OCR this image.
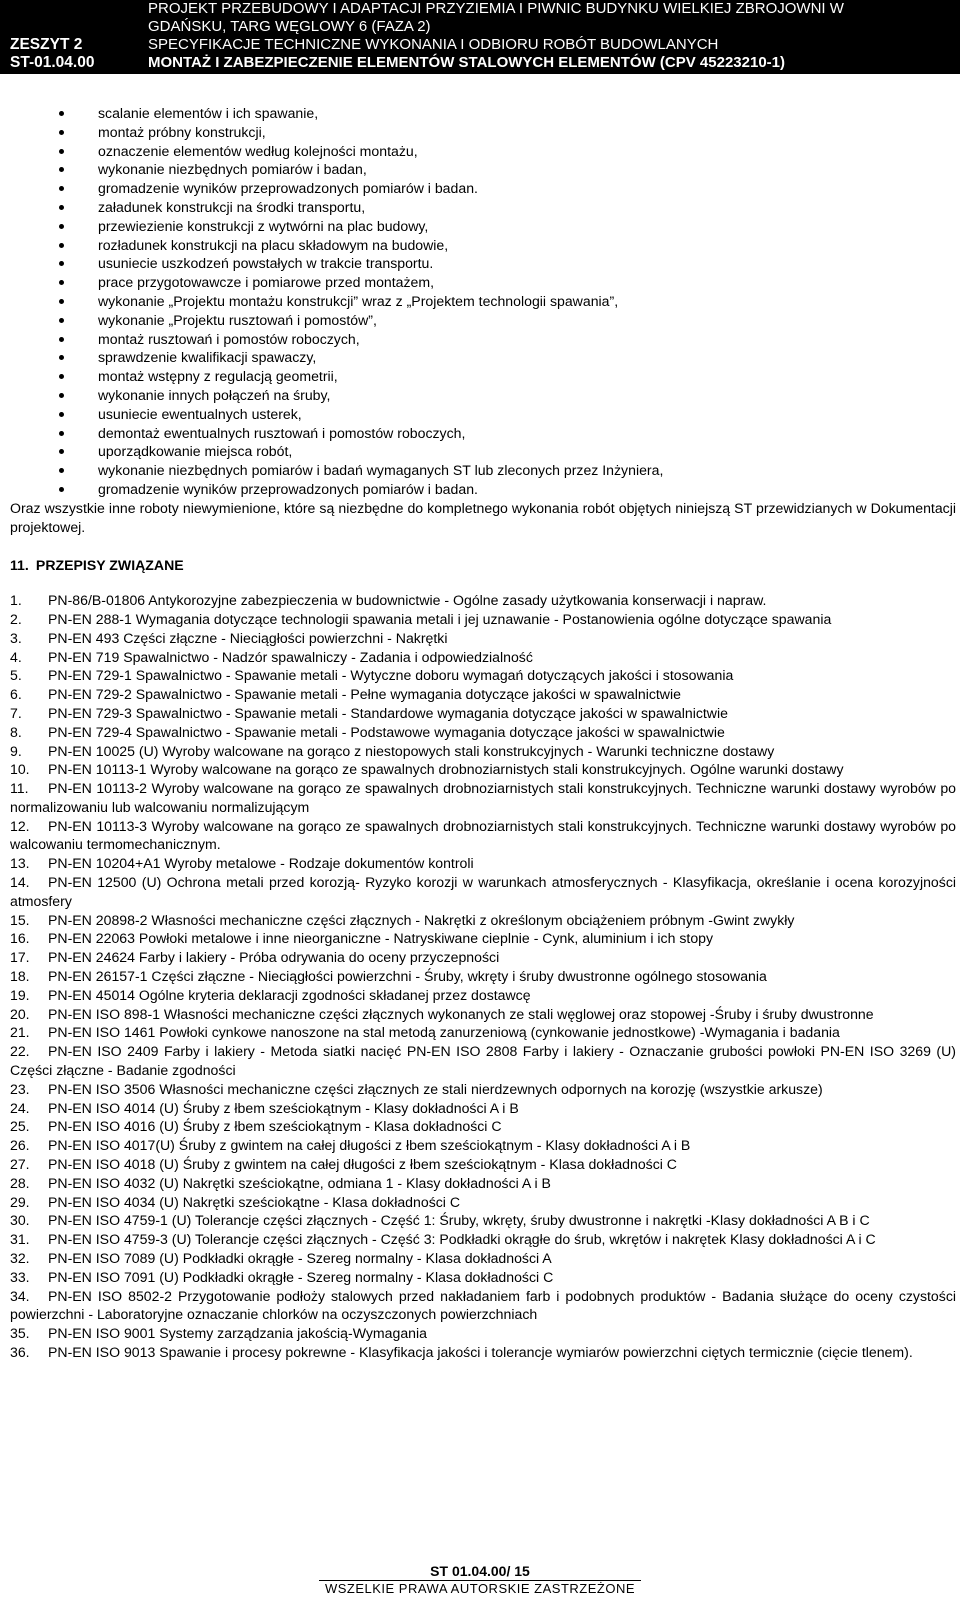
ZESZYT 2
ST-01.04.00
PROJEKT PRZEBUDOWY I ADAPTACJI PRZYZIEMIA I PIWNIC BUDYNKU WIELKIEJ ZBROJOWNI W
GDAŃSKU, TARG WĘGLOWY 6 (FAZA 2)
SPECYFIKACJE TECHNICZNE WYKONANIA I ODBIORU ROBÓT BUDOWLANYCH
MONTAŻ I ZABEZPIECZENIE ELEMENTÓW STALOWYCH ELEMENTÓW (CPV 45223210-1)
scalanie elementów i ich spawanie,
montaż próbny konstrukcji,
oznaczenie elementów według kolejności montażu,
wykonanie niezbędnych pomiarów i badan,
gromadzenie wyników przeprowadzonych pomiarów i badan.
załadunek konstrukcji na środki transportu,
przewiezienie konstrukcji z wytwórni na plac budowy,
rozładunek konstrukcji na placu składowym na budowie,
usuniecie uszkodzeń powstałych w trakcie transportu.
prace przygotowawcze i pomiarowe przed montażem,
wykonanie „Projektu montażu konstrukcji” wraz z „Projektem technologii spawania”,
wykonanie „Projektu rusztowań i pomostów”,
montaż rusztowań i pomostów roboczych,
sprawdzenie kwalifikacji spawaczy,
montaż wstępny z regulacją geometrii,
wykonanie innych połączeń na śruby,
usuniecie ewentualnych usterek,
demontaż ewentualnych rusztowań i pomostów roboczych,
uporządkowanie miejsca robót,
wykonanie niezbędnych pomiarów i badań wymaganych ST lub zleconych przez Inżyniera,
gromadzenie wyników przeprowadzonych pomiarów i badan.

Oraz wszystkie inne roboty niewymienione, które są niezbędne do kompletnego wykonania robót objętych niniejszą ST przewidzianych w Dokumentacji projektowej.

11. PRZEPISY ZWIĄZANE
1. PN-86/B-01806 Antykorozyjne zabezpieczenia w budownictwie - Ogólne zasady użytkowania konserwacji i napraw.
2. PN-EN 288-1 Wymagania dotyczące technologii spawania metali i jej uznawanie - Postanowienia ogólne dotyczące spawania
3. PN-EN 493 Części złączne - Nieciągłości powierzchni - Nakrętki
4. PN-EN 719 Spawalnictwo - Nadzór spawalniczy - Zadania i odpowiedzialność
5. PN-EN 729-1 Spawalnictwo - Spawanie metali - Wytyczne doboru wymagań dotyczących jakości i stosowania
6. PN-EN 729-2 Spawalnictwo - Spawanie metali - Pełne wymagania dotyczące jakości w spawalnictwie
7. PN-EN 729-3 Spawalnictwo - Spawanie metali - Standardowe wymagania dotyczące jakości w spawalnictwie
8. PN-EN 729-4 Spawalnictwo - Spawanie metali - Podstawowe wymagania dotyczące jakości w spawalnictwie
9. PN-EN 10025 (U) Wyroby walcowane na gorąco z niestopowych stali konstrukcyjnych - Warunki techniczne dostawy
10. PN-EN 10113-1 Wyroby walcowane na gorąco ze spawalnych drobnoziarnistych stali konstrukcyjnych. Ogólne warunki dostawy
11. PN-EN 10113-2 Wyroby walcowane na gorąco ze spawalnych drobnoziarnistych stali konstrukcyjnych. Techniczne warunki dostawy wyrobów po normalizowaniu lub walcowaniu normalizującym
12. PN-EN 10113-3 Wyroby walcowane na gorąco ze spawalnych drobnoziarnistych stali konstrukcyjnych. Techniczne warunki dostawy wyrobów po walcowaniu termomechanicznym.
13. PN-EN 10204+A1 Wyroby metalowe - Rodzaje dokumentów kontroli
14. PN-EN 12500 (U) Ochrona metali przed korozją- Ryzyko korozji w warunkach atmosferycznych - Klasyfikacja, określanie i ocena korozyjności atmosfery
15. PN-EN 20898-2 Własności mechaniczne części złącznych - Nakrętki z określonym obciążeniem próbnym -Gwint zwykły
16. PN-EN 22063 Powłoki metalowe i inne nieorganiczne - Natryskiwane cieplnie - Cynk, aluminium i ich stopy
17. PN-EN 24624 Farby i lakiery - Próba odrywania do oceny przyczepności
18. PN-EN 26157-1 Części złączne - Nieciągłości powierzchni - Śruby, wkręty i śruby dwustronne ogólnego stosowania
19. PN-EN 45014 Ogólne kryteria deklaracji zgodności składanej przez dostawcę
20. PN-EN ISO 898-1 Własności mechaniczne części złącznych wykonanych ze stali węglowej oraz stopowej -Śruby i śruby dwustronne
21. PN-EN ISO 1461 Powłoki cynkowe nanoszone na stal metodą zanurzeniową (cynkowanie jednostkowe) -Wymagania i badania
22. PN-EN ISO 2409 Farby i lakiery - Metoda siatki nacięć PN-EN ISO 2808 Farby i lakiery - Oznaczanie grubości powłoki PN-EN ISO 3269 (U) Części złączne - Badanie zgodności
23. PN-EN ISO 3506 Własności mechaniczne części złącznych ze stali nierdzewnych odpornych na korozję (wszystkie arkusze)
24. PN-EN ISO 4014 (U) Śruby z łbem sześciokątnym - Klasy dokładności A i B
25. PN-EN ISO 4016 (U) Śruby z łbem sześciokątnym - Klasa dokładności C
26. PN-EN ISO 4017(U) Śruby z gwintem na całej długości z łbem sześciokątnym - Klasy dokładności A i B
27. PN-EN ISO 4018 (U) Śruby z gwintem na całej długości z łbem sześciokątnym - Klasa dokładności C
28. PN-EN ISO 4032 (U) Nakrętki sześciokątne, odmiana 1 - Klasy dokładności A i B
29. PN-EN ISO 4034 (U) Nakrętki sześciokątne - Klasa dokładności C
30. PN-EN ISO 4759-1 (U) Tolerancje części złącznych - Część 1: Śruby, wkręty, śruby dwustronne i nakrętki -Klasy dokładności A B i C
31. PN-EN ISO 4759-3 (U) Tolerancje części złącznych - Część 3: Podkładki okrągłe do śrub, wkrętów i nakrętek Klasy dokładności A i C
32. PN-EN ISO 7089 (U) Podkładki okrągłe - Szereg normalny - Klasa dokładności A
33. PN-EN ISO 7091 (U) Podkładki okrągłe - Szereg normalny - Klasa dokładności C
34. PN-EN ISO 8502-2 Przygotowanie podłoży stalowych przed nakładaniem farb i podobnych produktów - Badania służące do oceny czystości powierzchni - Laboratoryjne oznaczanie chlorków na oczyszczonych powierzchniach
35. PN-EN ISO 9001 Systemy zarządzania jakością-Wymagania
36. PN-EN ISO 9013 Spawanie i procesy pokrewne - Klasyfikacja jakości i tolerancje wymiarów powierzchni ciętych termicznie (cięcie tlenem).
ST 01.04.00/ 15
WSZELKIE PRAWA AUTORSKIE ZASTRZEŻONE
